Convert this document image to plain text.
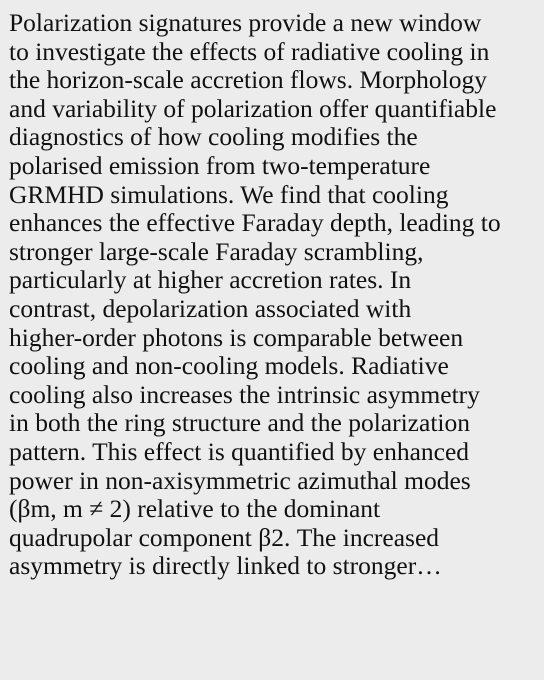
Polarization signatures provide a new window
to investigate the effects of radiative cooling in
the horizon-scale accretion flows. Morphology
and variability of polarization offer quantifiable
diagnostics of how cooling modifies the
polarised emission from two-temperature
GRMHD simulations. We find that cooling
enhances the effective Faraday depth, leading to
stronger large-scale Faraday scrambling,
particularly at higher accretion rates. In
contrast, depolarization associated with
higher-order photons is comparable between
cooling and non-cooling models. Radiative
cooling also increases the intrinsic asymmetry
in both the ring structure and the polarization
pattern. This effect is quantified by enhanced
power in non-axisymmetric azimuthal modes
(βm, m ≠ 2) relative to the dominant
quadrupolar component β2. The increased
asymmetry is directly linked to stronger…
